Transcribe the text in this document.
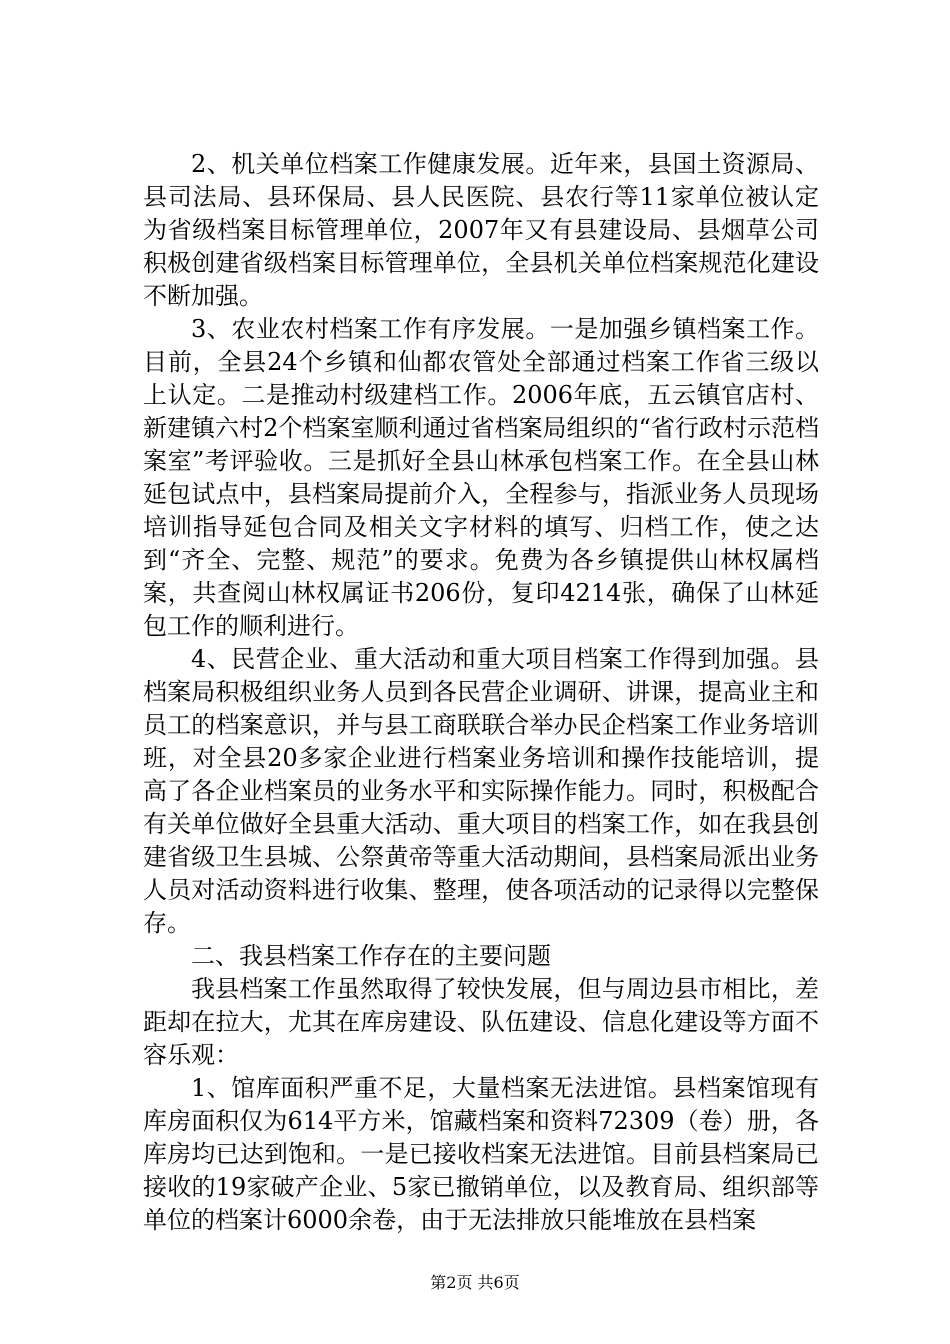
2、机关单位档案工作健康发展。近年来，县国土资源局、县司法局、县环保局、县人民医院、县农行等11家单位被认定为省级档案目标管理单位，2007年又有县建设局、县烟草公司积极创建省级档案目标管理单位，全县机关单位档案规范化建设不断加强。

3、农业农村档案工作有序发展。一是加强乡镇档案工作。目前，全县24个乡镇和仙都农管处全部通过档案工作省三级以上认定。二是推动村级建档工作。2006年底，五云镇官店村、新建镇六村2个档案室顺利通过省档案局组织的“省行政村示范档案室”考评验收。三是抓好全县山林承包档案工作。在全县山林延包试点中，县档案局提前介入，全程参与，指派业务人员现场培训指导延包合同及相关文字材料的填写、归档工作，使之达到“齐全、完整、规范”的要求。免费为各乡镇提供山林权属档案，共查阅山林权属证书206份，复印4214张，确保了山林延包工作的顺利进行。

4、民营企业、重大活动和重大项目档案工作得到加强。县档案局积极组织业务人员到各民营企业调研、讲课，提高业主和员工的档案意识，并与县工商联联合举办民企档案工作业务培训班，对全县20多家企业进行档案业务培训和操作技能培训，提高了各企业档案员的业务水平和实际操作能力。同时，积极配合有关单位做好全县重大活动、重大项目的档案工作，如在我县创建省级卫生县城、公祭黄帝等重大活动期间，县档案局派出业务人员对活动资料进行收集、整理，使各项活动的记录得以完整保存。

二、我县档案工作存在的主要问题

我县档案工作虽然取得了较快发展，但与周边县市相比，差距却在拉大，尤其在库房建设、队伍建设、信息化建设等方面不容乐观：

1、馆库面积严重不足，大量档案无法进馆。县档案馆现有库房面积仅为614平方米，馆藏档案和资料72309（卷）册，各库房均已达到饱和。一是已接收档案无法进馆。目前县档案局已接收的19家破产企业、5家已撤销单位，以及教育局、组织部等单位的档案计6000余卷，由于无法排放只能堆放在县档案

第2页 共6页
